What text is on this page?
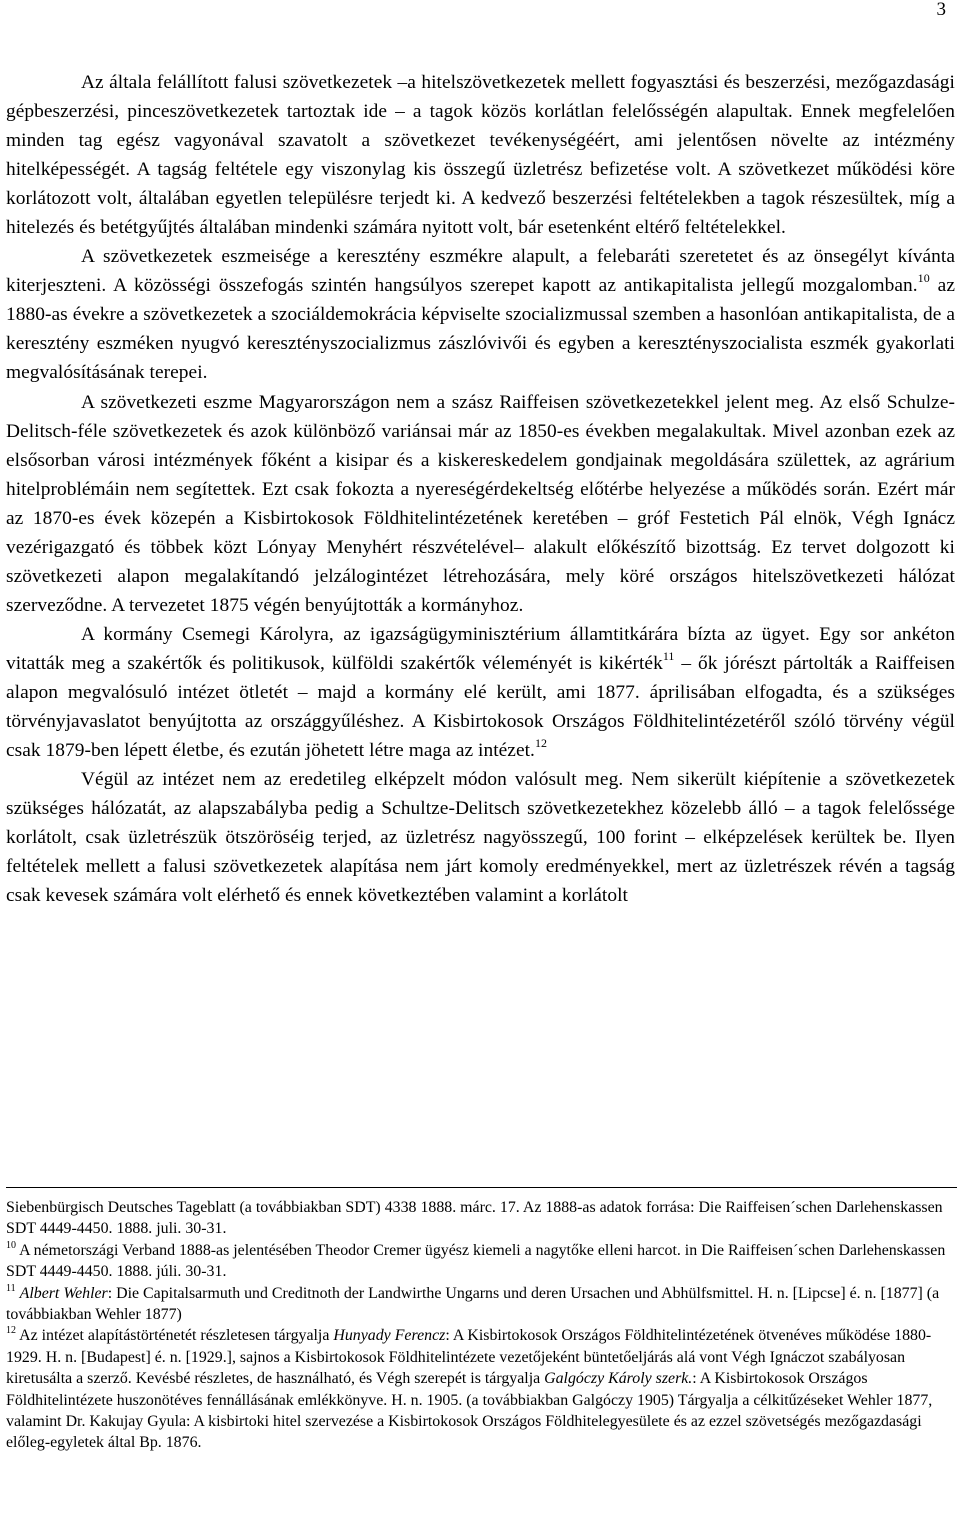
3

Az általa felállított falusi szövetkezetek –a hitelszövetkezetek mellett fogyasztási és beszerzési, mezőgazdasági gépbeszerzési, pinceszövetkezetek tartoztak ide – a tagok közös korlátlan felelősségén alapultak. Ennek megfelelően minden tag egész vagyonával szavatolt a szövetkezet tevékenységéért, ami jelentősen növelte az intézmény hitelképességét. A tagság feltétele egy viszonylag kis összegű üzletrész befizetése volt. A szövetkezet működési köre korlátozott volt, általában egyetlen településre terjedt ki. A kedvező beszerzési feltételekben a tagok részesültek, míg a hitelezés és betétgyűjtés általában mindenki számára nyitott volt, bár esetenként eltérő feltételekkel.

A szövetkezetek eszmeisége a keresztény eszmékre alapult, a felebaráti szeretetet és az önsegélyt kívánta kiterjeszteni. A közösségi összefogás szintén hangsúlyos szerepet kapott az antikapitalista jellegű mozgalomban.$^{10}$ az 1880-as évekre a szövetkezetek a szociáldemokrácia képviselte szocializmussal szemben a hasonlóan antikapitalista, de a keresztény eszméken nyugvó keresztényszocializmus zászlóvivői és egyben a keresztényszocialista eszmék gyakorlati megvalósításának terepei.

A szövetkezeti eszme Magyarországon nem a szász Raiffeisen szövetkezetekkel jelent meg. Az első Schulze-Delitsch-féle szövetkezetek és azok különböző variánsai már az 1850-es években megalakultak. Mivel azonban ezek az elsősorban városi intézmények főként a kisipar és a kiskereskedelem gondjainak megoldására születtek, az agrárium hitelproblémáin nem segítettek. Ezt csak fokozta a nyereségérdekeltség előtérbe helyezése a működés során. Ezért már az 1870-es évek közepén a Kisbirtokosok Földhitelintézetének keretében – gróf Festetich Pál elnök, Végh Ignácz vezérigazgató és többek közt Lónyay Menyhért részvételével– alakult előkészítő bizottság. Ez tervet dolgozott ki szövetkezeti alapon megalakítandó jelzálogintézet létrehozására, mely köré országos hitelszövetkezeti hálózat szerveződne. A tervezetet 1875 végén benyújtották a kormányhoz.

A kormány Csemegi Károlyra, az igazságügyminisztérium államtitkárára bízta az ügyet. Egy sor ankéton vitatták meg a szakértők és politikusok, külföldi szakértők véleményét is kikérték$^{11}$ – ők jórészt pártolták a Raiffeisen alapon megvalósuló intézet ötletét – majd a kormány elé került, ami 1877. áprilisában elfogadta, és a szükséges törvényjavaslatot benyújtotta az országgyűléshez. A Kisbirtokosok Országos Földhitelintézetéről szóló törvény végül csak 1879-ben lépett életbe, és ezután jöhetett létre maga az intézet.$^{12}$

Végül az intézet nem az eredetileg elképzelt módon valósult meg. Nem sikerült kiépítenie a szövetkezetek szükséges hálózatát, az alapszabályba pedig a Schultze-Delitsch szövetkezetekhez közelebb álló – a tagok felelőssége korlátolt, csak üzletrészük ötszöröséig terjed, az üzletrész nagyösszegű, 100 forint – elképzelések kerültek be. Ilyen feltételek mellett a falusi szövetkezetek alapítása nem járt komoly eredményekkel, mert az üzletrészek révén a tagság csak kevesek számára volt elérhető és ennek következtében valamint a korlátolt

Siebenbürgisch Deutsches Tageblatt (a továbbiakban SDT) 4338 1888. márc. 17. Az 1888-as adatok forrása: Die Raiffeisen´schen Darlehenskassen SDT 4449-4450. 1888. juli. 30-31.

$^{10}$ A németországi Verband 1888-as jelentésében Theodor Cremer ügyész kiemeli a nagytőke elleni harcot. in Die Raiffeisen´schen Darlehenskassen SDT 4449-4450. 1888. júli. 30-31.

$^{11}$ Albert Wehler: Die Capitalsarmuth und Creditnoth der Landwirthe Ungarns und deren Ursachen und Abhülfsmittel. H. n. [Lipcse] é. n. [1877] (a továbbiakban Wehler 1877)

$^{12}$ Az intézet alapítástörténetét részletesen tárgyalja Hunyady Ferencz: A Kisbirtokosok Országos Földhitelintézetének ötvenéves működése 1880-1929. H. n. [Budapest] é. n. [1929.], sajnos a Kisbirtokosok Földhitelintézete vezetőjeként büntetőeljárás alá vont Végh Ignáczot szabályosan kiretusálta a szerző. Kevésbé részletes, de használható, és Végh szerepét is tárgyalja Galgóczy Károly szerk.: A Kisbirtokosok Országos Földhitelintézete huszonötéves fennállásának emlékkönyve. H. n. 1905. (a továbbiakban Galgóczy 1905) Tárgyalja a célkitűzéseket Wehler 1877, valamint Dr. Kakujay Gyula: A kisbirtoki hitel szervezése a Kisbirtokosok Országos Földhitelegyesülete és az ezzel szövetségés mezőgazdasági előleg-egyletek által Bp. 1876.
